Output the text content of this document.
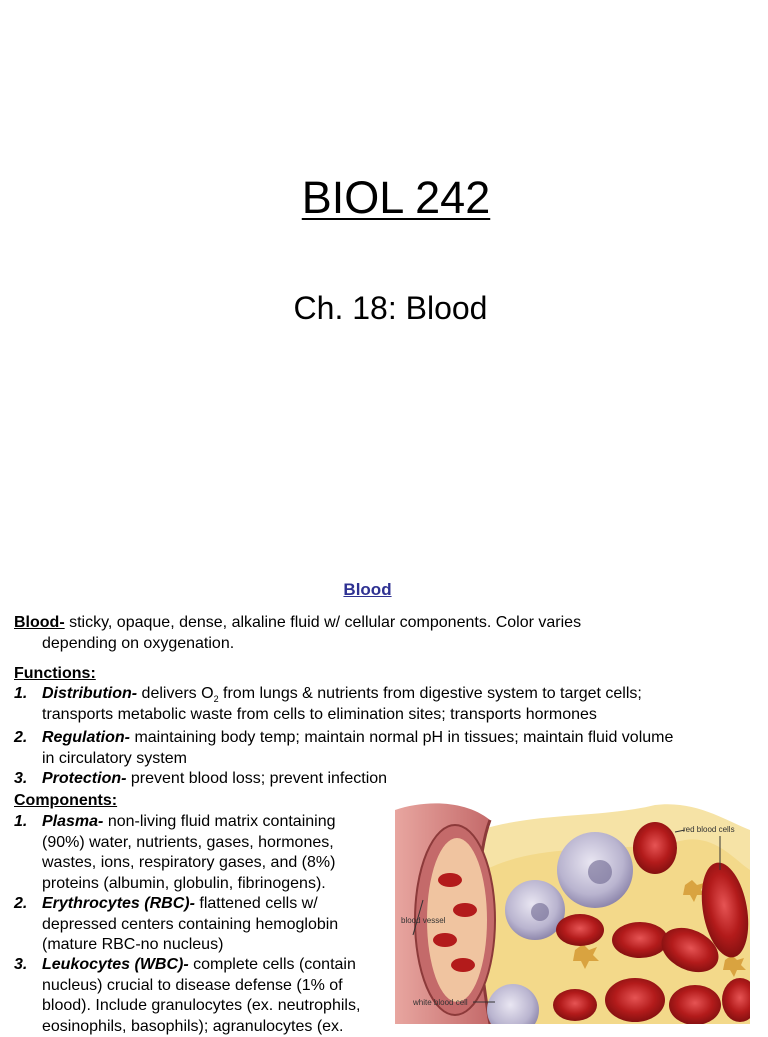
BIOL 242
Ch. 18: Blood
Blood
Blood- sticky, opaque, dense, alkaline fluid w/ cellular components. Color varies
depending on oxygenation.
Functions:
1. Distribution- delivers $O_2$ from lungs & nutrients from digestive system to target cells; transports metabolic waste from cells to elimination sites; transports hormones
2. Regulation- maintaining body temp; maintain normal pH in tissues; maintain fluid volume in circulatory system
3. Protection- prevent blood loss; prevent infection
Components:
1. Plasma- non-living fluid matrix containing (90%) water, nutrients, gases, hormones, wastes, ions, respiratory gases, and (8%) proteins (albumin, globulin, fibrinogens).
2. Erythrocytes (RBC)- flattened cells w/ depressed centers containing hemoglobin (mature RBC-no nucleus)
3. Leukocytes (WBC)- complete cells (contain nucleus) crucial to disease defense (1% of blood). Include granulocytes (ex. neutrophils, eosinophils, basophils); agranulocytes (ex.
red blood cells
blood vessel
white blood cell
